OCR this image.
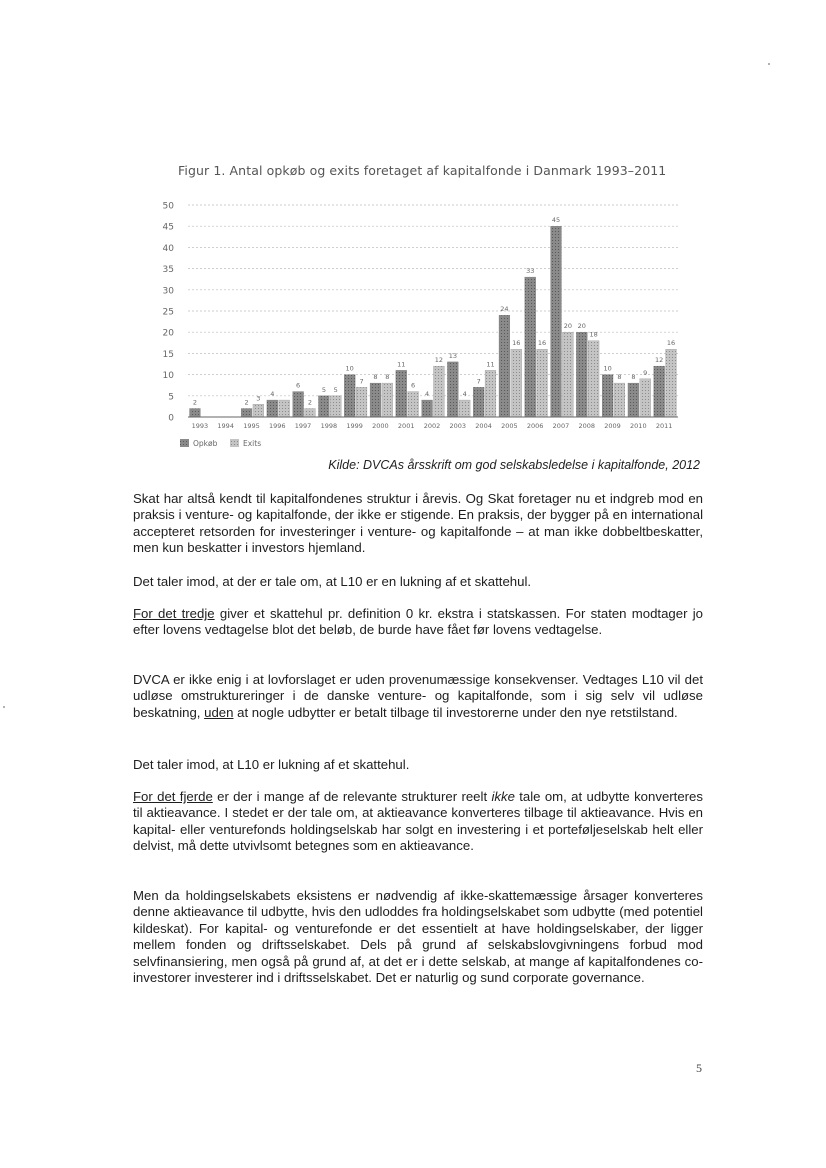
Figur 1. Antal opkøb og exits foretaget af kapitalfonde i Danmark 1993–2011
2	2
3
4
6
2
5 5
10
7
8 8
11
6
4
12
13
4
7
11
24
16
33
16
45
20 20
18
10
8 8
9
12
16
0
5
10
15
20
25
30
35
40
45
50
1993 1994 1995 1996 1997 1998 1999 2000 2001 2002 2003 2004 2005 2006 2007 2008 2009 2010 2011
Opkøb	Exits
Kilde: DVCAs årsskrift om god selskabsledelse i kapitalfonde, 2012

Skat har altså kendt til kapitalfondenes struktur i årevis. Og Skat foretager nu et indgreb mod en praksis i venture- og kapitalfonde, der ikke er stigende. En praksis, der bygger på en international accepteret retsorden for investeringer i venture- og kapitalfonde – at man ikke dobbeltbeskatter, men kun beskatter i investors hjemland.

Det taler imod, at der er tale om, at L10 er en lukning af et skattehul.

For det tredje giver et skattehul pr. definition 0 kr. ekstra i statskassen. For staten modtager jo efter lovens vedtagelse blot det beløb, de burde have fået før lovens vedtagelse.

DVCA er ikke enig i at lovforslaget er uden provenumæssige konsekvenser. Vedtages L10 vil det udløse omstruktureringer i de danske venture- og kapitalfonde, som i sig selv vil udløse beskatning, uden at nogle udbytter er betalt tilbage til investorerne under den nye retstilstand.

Det taler imod, at L10 er lukning af et skattehul.

For det fjerde er der i mange af de relevante strukturer reelt ikke tale om, at udbytte konverteres til aktieavance. I stedet er der tale om, at aktieavance konverteres tilbage til aktieavance. Hvis en kapital- eller venturefonds holdingselskab har solgt en investering i et porteføljeselskab helt eller delvist, må dette utvivlsomt betegnes som en aktieavance.

Men da holdingselskabets eksistens er nødvendig af ikke-skattemæssige årsager konverteres denne aktieavance til udbytte, hvis den udloddes fra holdingselskabet som udbytte (med potentiel kildeskat). For kapital- og venturefonde er det essentielt at have holdingselskaber, der ligger mellem fonden og driftsselskabet. Dels på grund af selskabslovgivningens forbud mod selvfinansiering, men også på grund af, at det er i dette selskab, at mange af kapitalfondenes co-investorer investerer ind i driftsselskabet. Det er naturlig og sund corporate governance.

5
